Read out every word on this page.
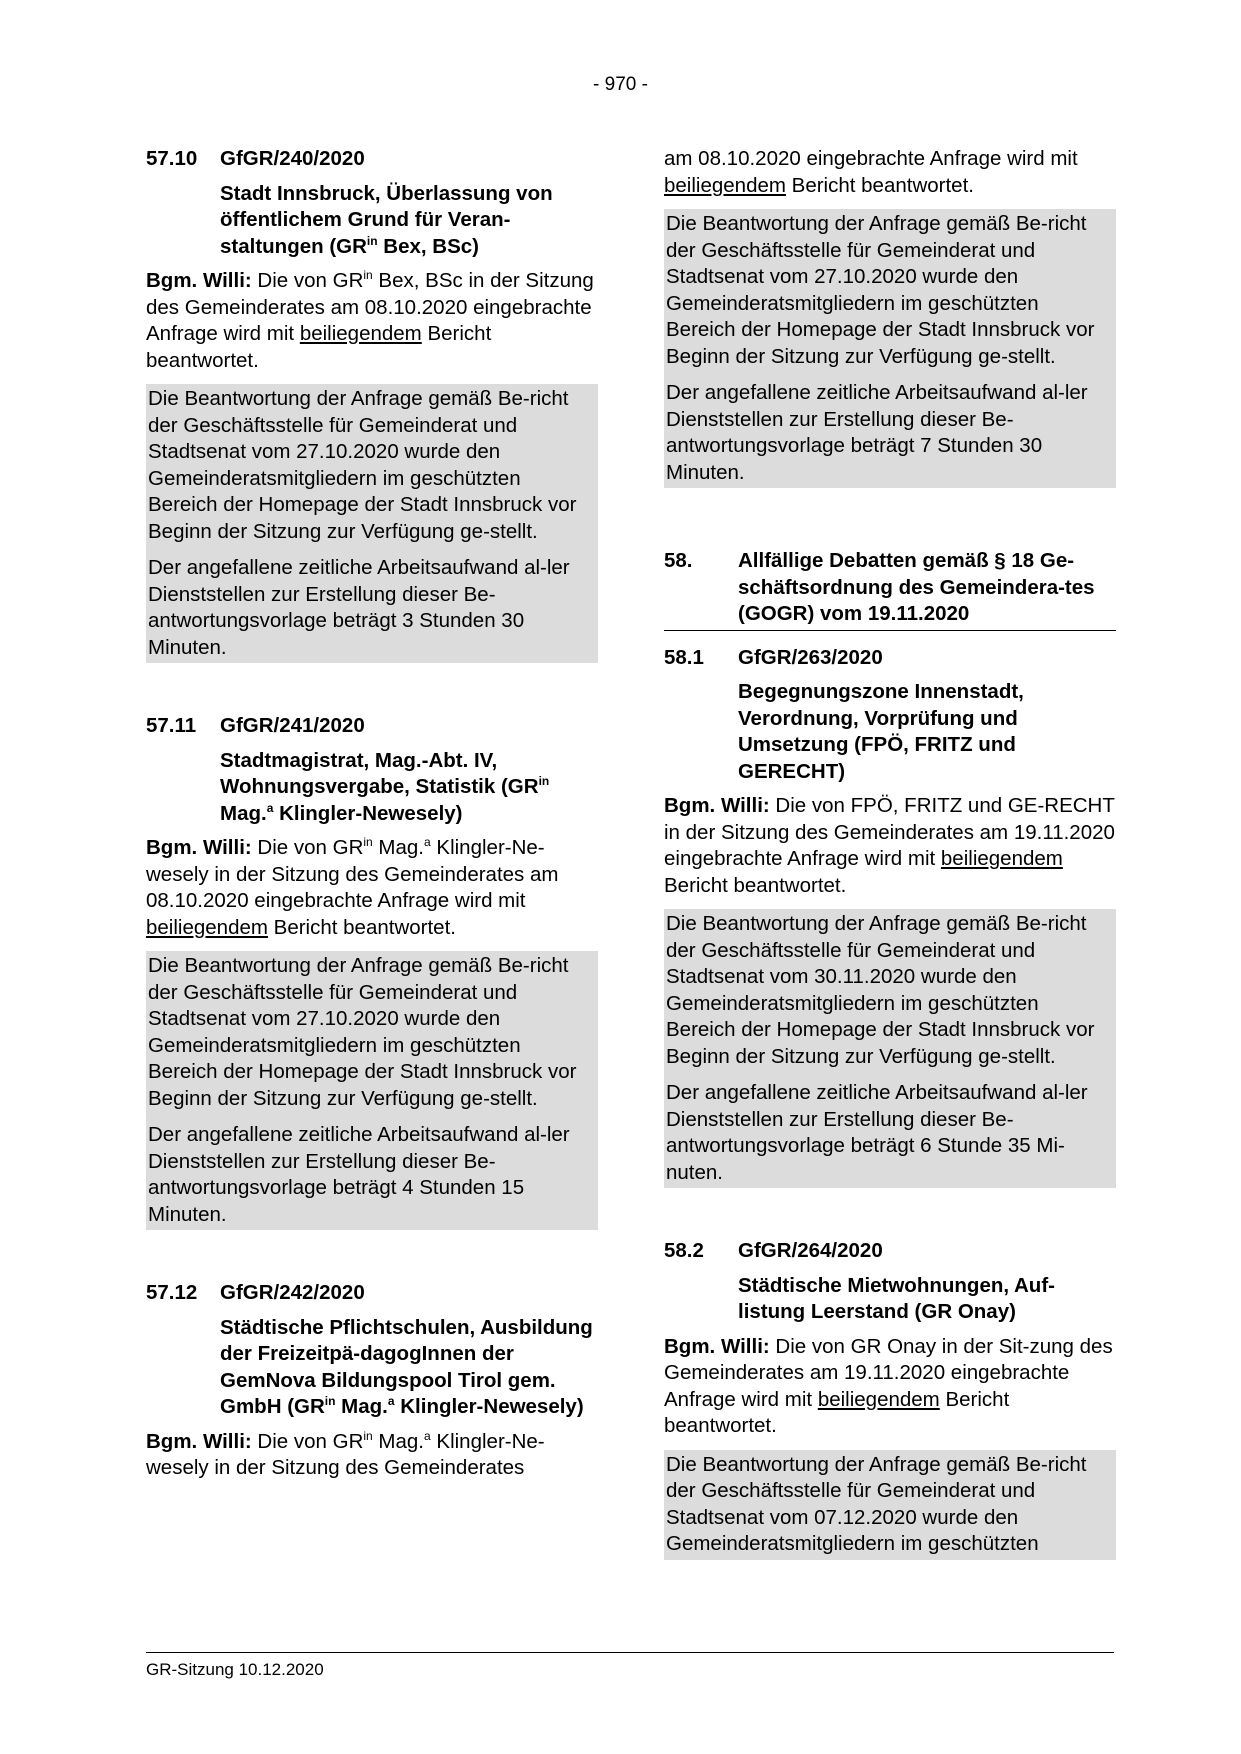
- 970 -
57.10	GfGR/240/2020
Stadt Innsbruck, Überlassung von öffentlichem Grund für Veran-staltungen ($GR^{in}$ Bex, BSc)
Bgm. Willi: Die von $GR^{in}$ Bex, BSc in der Sitzung des Gemeinderates am 08.10.2020 eingebrachte Anfrage wird mit beiliegendem Bericht beantwortet.

Die Beantwortung der Anfrage gemäß Be-richt der Geschäftsstelle für Gemeinderat und Stadtsenat vom 27.10.2020 wurde den Gemeinderatsmitgliedern im geschützten Bereich der Homepage der Stadt Innsbruck vor Beginn der Sitzung zur Verfügung ge-stellt.

Der angefallene zeitliche Arbeitsaufwand al-ler Dienststellen zur Erstellung dieser Be-antwortungsvorlage beträgt 3 Stunden 30 Minuten.

57.11	GfGR/241/2020
Stadtmagistrat, Mag.-Abt. IV, Wohnungsvergabe, Statistik ($GR^{in}$ Mag.$^a$ Klingler-Newesely)
Bgm. Willi: Die von $GR^{in}$ Mag.$^a$ Klingler-Ne-wesely in der Sitzung des Gemeinderates am 08.10.2020 eingebrachte Anfrage wird mit beiliegendem Bericht beantwortet.

Die Beantwortung der Anfrage gemäß Be-richt der Geschäftsstelle für Gemeinderat und Stadtsenat vom 27.10.2020 wurde den Gemeinderatsmitgliedern im geschützten Bereich der Homepage der Stadt Innsbruck vor Beginn der Sitzung zur Verfügung ge-stellt.

Der angefallene zeitliche Arbeitsaufwand al-ler Dienststellen zur Erstellung dieser Be-antwortungsvorlage beträgt 4 Stunden 15 Minuten.

57.12	GfGR/242/2020
Städtische Pflichtschulen, Ausbildung der Freizeitpä-dagogInnen der GemNova Bildungspool Tirol gem. GmbH ($GR^{in}$ Mag.$^a$ Klingler-Newesely)
Bgm. Willi: Die von $GR^{in}$ Mag.$^a$ Klingler-Ne-wesely in der Sitzung des Gemeinderates
am 08.10.2020 eingebrachte Anfrage wird mit beiliegendem Bericht beantwortet.

Die Beantwortung der Anfrage gemäß Be-richt der Geschäftsstelle für Gemeinderat und Stadtsenat vom 27.10.2020 wurde den Gemeinderatsmitgliedern im geschützten Bereich der Homepage der Stadt Innsbruck vor Beginn der Sitzung zur Verfügung ge-stellt.

Der angefallene zeitliche Arbeitsaufwand al-ler Dienststellen zur Erstellung dieser Be-antwortungsvorlage beträgt 7 Stunden 30 Minuten.

58.	Allfällige Debatten gemäß § 18 Ge-schäftsordnung des Gemeindera-tes (GOGR) vom 19.11.2020
58.1	GfGR/263/2020
Begegnungszone Innenstadt, Verordnung, Vorprüfung und Umsetzung (FPÖ, FRITZ und GERECHT)
Bgm. Willi: Die von FPÖ, FRITZ und GE-RECHT in der Sitzung des Gemeinderates am 19.11.2020 eingebrachte Anfrage wird mit beiliegendem Bericht beantwortet.

Die Beantwortung der Anfrage gemäß Be-richt der Geschäftsstelle für Gemeinderat und Stadtsenat vom 30.11.2020 wurde den Gemeinderatsmitgliedern im geschützten Bereich der Homepage der Stadt Innsbruck vor Beginn der Sitzung zur Verfügung ge-stellt.

Der angefallene zeitliche Arbeitsaufwand al-ler Dienststellen zur Erstellung dieser Be-antwortungsvorlage beträgt 6 Stunde 35 Mi-nuten.

58.2	GfGR/264/2020
Städtische Mietwohnungen, Auf-listung Leerstand (GR Onay)
Bgm. Willi: Die von GR Onay in der Sit-zung des Gemeinderates am 19.11.2020 eingebrachte Anfrage wird mit beiliegendem Bericht beantwortet.

Die Beantwortung der Anfrage gemäß Be-richt der Geschäftsstelle für Gemeinderat und Stadtsenat vom 07.12.2020 wurde den Gemeinderatsmitgliedern im geschützten

GR-Sitzung 10.12.2020
